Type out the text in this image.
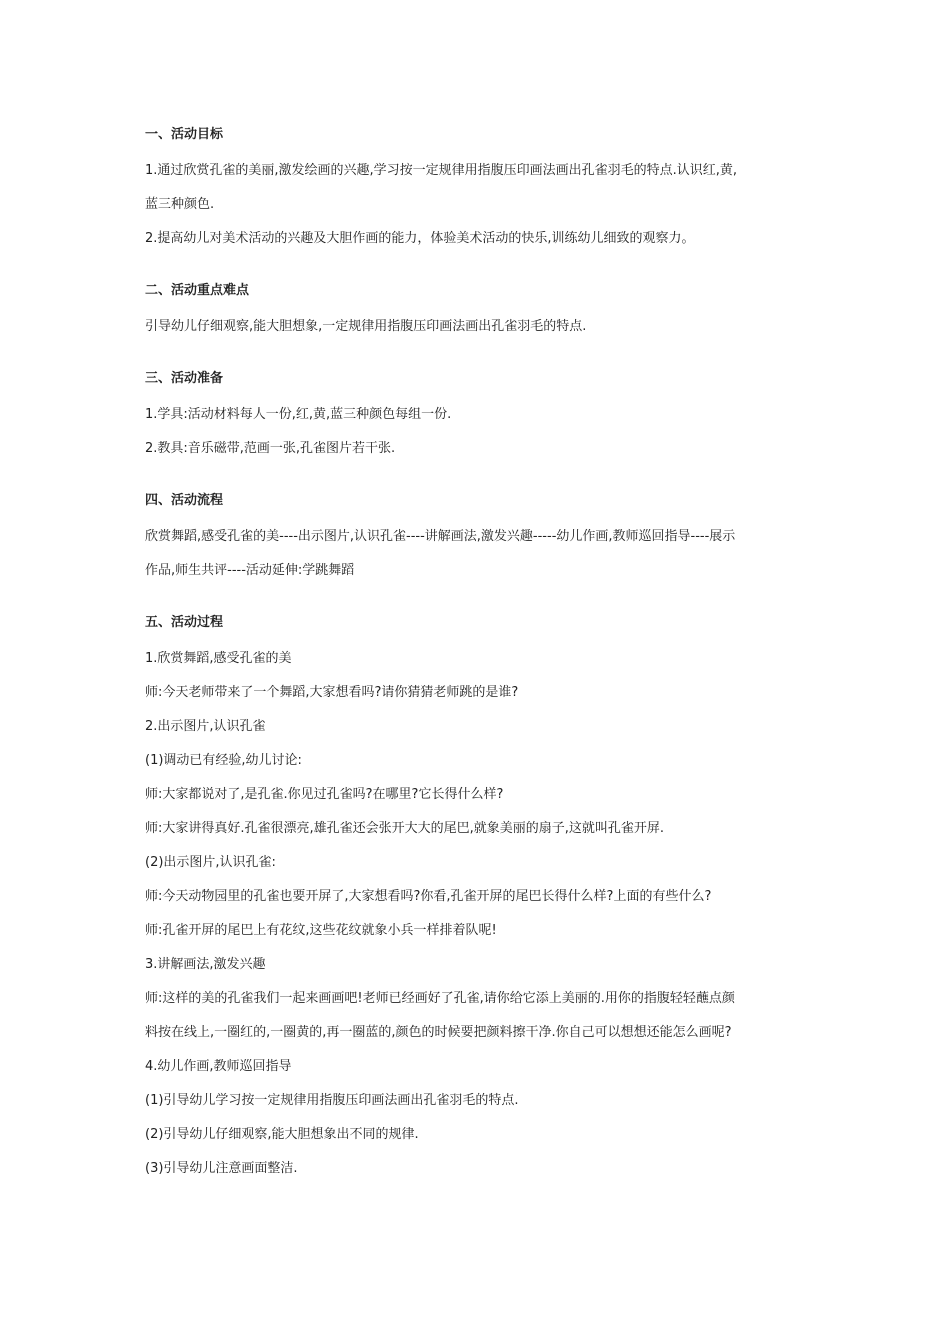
一、活动目标
1.通过欣赏孔雀的美丽,激发绘画的兴趣,学习按一定规律用指腹压印画法画出孔雀羽毛的特点.认识红,黄,
蓝三种颜色.
2.提高幼儿对美术活动的兴趣及大胆作画的能力，体验美术活动的快乐,训练幼儿细致的观察力。
二、活动重点难点
引导幼儿仔细观察,能大胆想象,一定规律用指腹压印画法画出孔雀羽毛的特点.
三、活动准备
1.学具:活动材料每人一份,红,黄,蓝三种颜色每组一份.
2.教具:音乐磁带,范画一张,孔雀图片若干张.
四、活动流程
欣赏舞蹈,感受孔雀的美----出示图片,认识孔雀----讲解画法,激发兴趣-----幼儿作画,教师巡回指导----展示
作品,师生共评----活动延伸:学跳舞蹈
五、活动过程
1.欣赏舞蹈,感受孔雀的美
师:今天老师带来了一个舞蹈,大家想看吗?请你猜猜老师跳的是谁?
2.出示图片,认识孔雀
(1)调动已有经验,幼儿讨论:
师:大家都说对了,是孔雀.你见过孔雀吗?在哪里?它长得什么样?
师:大家讲得真好.孔雀很漂亮,雄孔雀还会张开大大的尾巴,就象美丽的扇子,这就叫孔雀开屏.
(2)出示图片,认识孔雀:
师:今天动物园里的孔雀也要开屏了,大家想看吗?你看,孔雀开屏的尾巴长得什么样?上面的有些什么?
师:孔雀开屏的尾巴上有花纹,这些花纹就象小兵一样排着队呢!
3.讲解画法,激发兴趣
师:这样的美的孔雀我们一起来画画吧!老师已经画好了孔雀,请你给它添上美丽的.用你的指腹轻轻蘸点颜
料按在线上,一圈红的,一圈黄的,再一圈蓝的,颜色的时候要把颜料擦干净.你自己可以想想还能怎么画呢?
4.幼儿作画,教师巡回指导
(1)引导幼儿学习按一定规律用指腹压印画法画出孔雀羽毛的特点.
(2)引导幼儿仔细观察,能大胆想象出不同的规律.
(3)引导幼儿注意画面整洁.
